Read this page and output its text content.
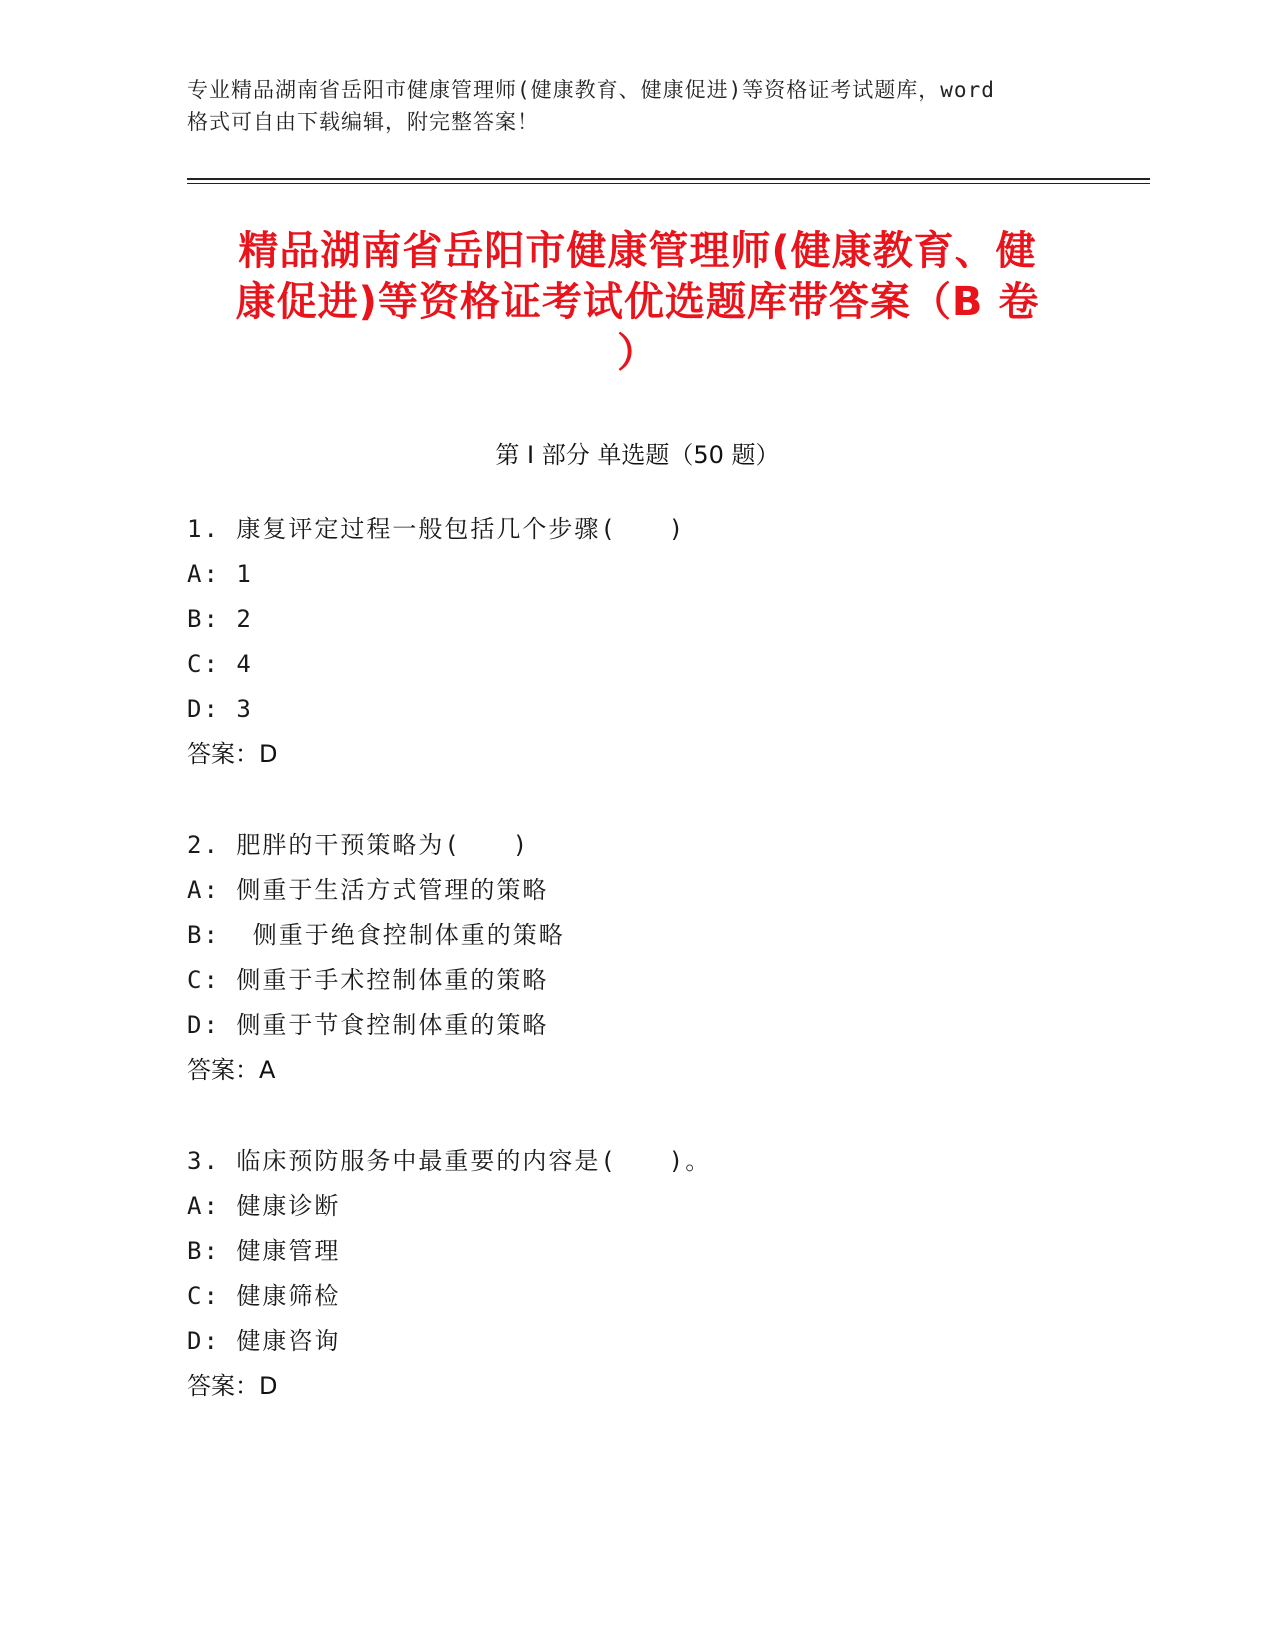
专业精品湖南省岳阳市健康管理师(健康教育、健康促进)等资格证考试题库，word
格式可自由下载编辑，附完整答案！
精品湖南省岳阳市健康管理师(健康教育、健
康促进)等资格证考试优选题库带答案（B 卷
）
第 I 部分 单选题（50 题）
1. 康复评定过程一般包括几个步骤(　　)
A: 1
B: 2
C: 4
D: 3
答案：D
2. 肥胖的干预策略为(　　)
A: 侧重于生活方式管理的策略
B:  侧重于绝食控制体重的策略
C: 侧重于手术控制体重的策略
D: 侧重于节食控制体重的策略
答案：A
3. 临床预防服务中最重要的内容是(　　)。
A: 健康诊断
B: 健康管理
C: 健康筛检
D: 健康咨询
答案：D
